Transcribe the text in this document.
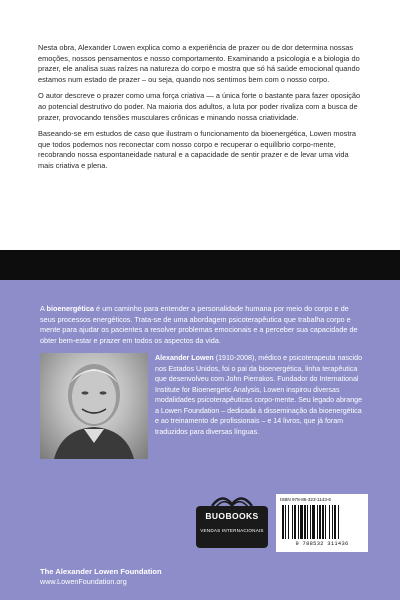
Nesta obra, Alexander Lowen explica como a experiência de prazer ou de dor determina nossas emoções, nossos pensamentos e nosso comportamento. Examinando a psicologia e a biologia do prazer, ele analisa suas raízes na natureza do corpo e mostra que só há saúde emocional quando estamos num estado de prazer – ou seja, quando nos sentimos bem com o nosso corpo.

O autor descreve o prazer como uma força criativa — a única forte o bastante para fazer oposição ao potencial destrutivo do poder. Na maioria dos adultos, a luta por poder rivaliza com a busca de prazer, provocando tensões musculares crônicas e minando nossa criatividade.

Baseando-se em estudos de caso que ilustram o funcionamento da bioenergética, Lowen mostra que todos podemos nos reconectar com nosso corpo e recuperar o equilíbrio corpo-mente, recobrando nossa espontaneidade natural e a capacidade de sentir prazer e de levar uma vida mais criativa e plena.

A bioenergética é um caminho para entender a personalidade humana por meio do corpo e de seus processos energéticos. Trata-se de uma abordagem psicoterapêutica que trabalha corpo e mente para ajudar os pacientes a resolver problemas emocionais e a perceber sua capacidade de obter bem-estar e prazer em todos os aspectos da vida.
Alexander Lowen (1910-2008), médico e psicoterapeuta nascido nos Estados Unidos, foi o pai da bioenergética, linha terapêutica que desenvolveu com John Pierrakos. Fundador do International Institute for Bioenergetic Analysis, Lowen inspirou diversas modalidades psicoterapêuticas corpo-mente. Seu legado abrange a Lowen Foundation – dedicada à disseminação da bioenergética e ao treinamento de profissionais – e 14 livros, que já foram traduzidos para diversas línguas.
BUOBOOKS
VENDAS INTERNACIONAIS
ISBN 978-85-323-1143-6
9 788532 311436
The Alexander Lowen Foundation
www.LowenFoundation.org
